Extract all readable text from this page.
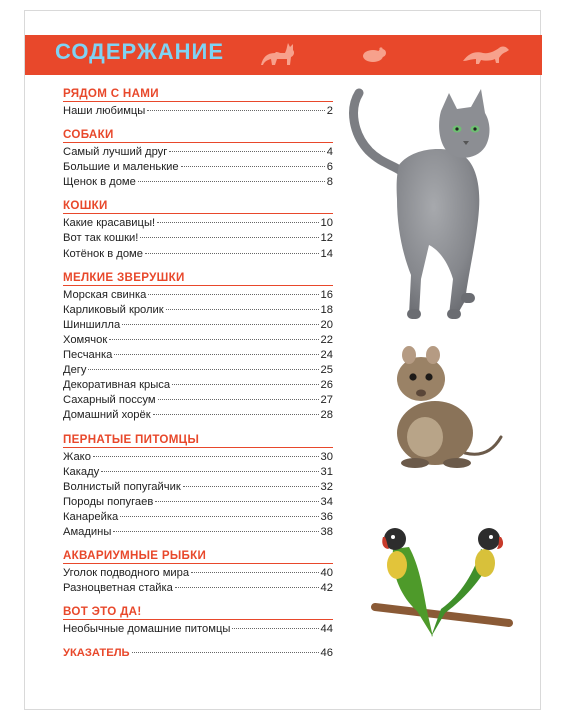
СОДЕРЖАНИЕ
РЯДОМ С НАМИ
Наши любимцы	2
СОБАКИ
Самый лучший друг	4
Большие и маленькие	6
Щенок в доме	8
КОШКИ
Какие красавицы!	10
Вот так кошки!	12
Котёнок в доме	14
МЕЛКИЕ ЗВЕРУШКИ
Морская свинка	16
Карликовый кролик	18
Шиншилла	20
Хомячок	22
Песчанка	24
Дегу	25
Декоративная крыса	26
Сахарный поссум	27
Домашний хорёк	28
ПЕРНАТЫЕ ПИТОМЦЫ
Жако	30
Какаду	31
Волнистый попугайчик	32
Породы попугаев	34
Канарейка	36
Амадины	38
АКВАРИУМНЫЕ РЫБКИ
Уголок подводного мира	40
Разноцветная стайка	42
ВОТ ЭТО ДА!
Необычные домашние питомцы	44
УКАЗАТЕЛЬ	46
